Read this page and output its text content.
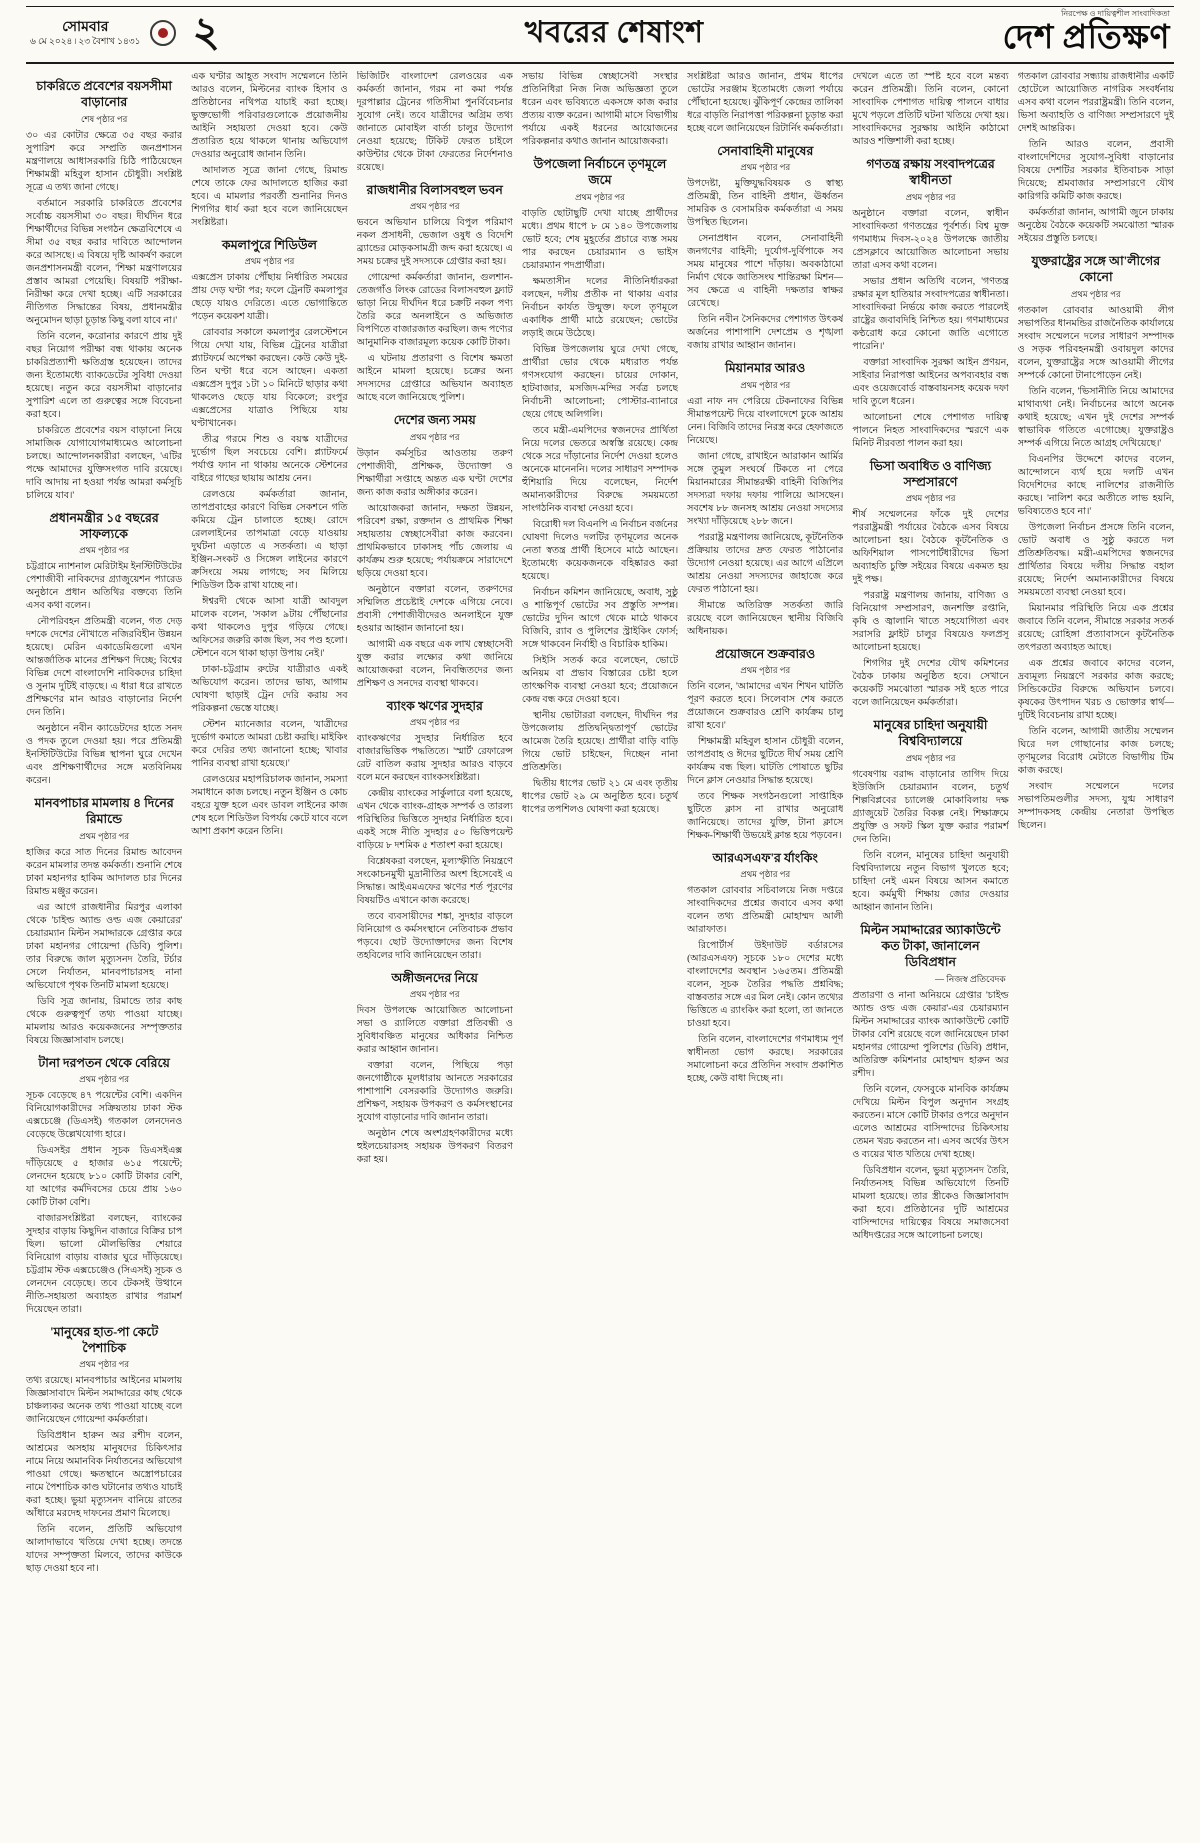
সোমবার
৬ মে ২০২৪ ৷ ২৩ বৈশাখ ১৪৩১ ২	খবরের শেষাংশ
নিরপেক্ষ ও দায়িত্বশীল সাংবাদিকতা
দেশ প্রতিক্ষণ
চাকরিতে প্রবেশের বয়সসীমা বাড়ানোর
শেষ পৃষ্ঠার পর

৩০ এর কোটার ক্ষেত্রে ৩৫ বছর করার সুপারিশ করে সম্প্রতি জনপ্রশাসন মন্ত্রণালয়ে আধাসরকারি চিঠি পাঠিয়েছেন শিক্ষামন্ত্রী মহিবুল হাসান চৌধুরী। সংশ্লিষ্ট সূত্রে এ তথ্য জানা গেছে।

বর্তমানে সরকারি চাকরিতে প্রবেশের সর্বোচ্চ বয়সসীমা ৩০ বছর। দীর্ঘদিন ধরে শিক্ষার্থীদের বিভিন্ন সংগঠন ক্ষেত্রবিশেষে এ সীমা ৩৫ বছর করার দাবিতে আন্দোলন করে আসছে। এ বিষয়ে দৃষ্টি আকর্ষণ করলে জনপ্রশাসনমন্ত্রী বলেন, 'শিক্ষা মন্ত্রণালয়ের প্রস্তাব আমরা পেয়েছি। বিষয়টি পরীক্ষা-নিরীক্ষা করে দেখা হচ্ছে। এটি সরকারের নীতিগত সিদ্ধান্তের বিষয়, প্রধানমন্ত্রীর অনুমোদন ছাড়া চূড়ান্ত কিছু বলা যাবে না।'

তিনি বলেন, করোনার কারণে প্রায় দুই বছর নিয়োগ পরীক্ষা বন্ধ থাকায় অনেক চাকরিপ্রত্যাশী ক্ষতিগ্রস্ত হয়েছেন। তাদের জন্য ইতোমধ্যে ব্যাকডেটের সুবিধা দেওয়া হয়েছে। নতুন করে বয়সসীমা বাড়ানোর সুপারিশ এলে তা গুরুত্বের সঙ্গে বিবেচনা করা হবে।

চাকরিতে প্রবেশের বয়স বাড়ানো নিয়ে সামাজিক যোগাযোগমাধ্যমেও আলোচনা চলছে। আন্দোলনকারীরা বলছেন, 'এটির পক্ষে আমাদের যুক্তিসংগত দাবি রয়েছে। দাবি আদায় না হওয়া পর্যন্ত আমরা কর্মসূচি চালিয়ে যাব।'

প্রধানমন্ত্রীর ১৫ বছরের সাফল্যকে
প্রথম পৃষ্ঠার পর

চট্টগ্রামে ন্যাশনাল মেরিটাইম ইনস্টিটিউটের পেশাজীবী নাবিকদের গ্র্যাজুয়েশন প্যারেড অনুষ্ঠানে প্রধান অতিথির বক্তব্যে তিনি এসব কথা বলেন।

নৌপরিবহন প্রতিমন্ত্রী বলেন, গত দেড় দশকে দেশের নৌখাতে নজিরবিহীন উন্নয়ন হয়েছে। মেরিন একাডেমিগুলো এখন আন্তর্জাতিক মানের প্রশিক্ষণ দিচ্ছে; বিশ্বের বিভিন্ন দেশে বাংলাদেশি নাবিকদের চাহিদা ও সুনাম দুটিই বাড়ছে। এ ধারা ধরে রাখতে প্রশিক্ষণের মান আরও বাড়ানোর নির্দেশ দেন তিনি।

অনুষ্ঠানে নবীন ক্যাডেটদের হাতে সনদ ও পদক তুলে দেওয়া হয়। পরে প্রতিমন্ত্রী ইনস্টিটিউটের বিভিন্ন স্থাপনা ঘুরে দেখেন এবং প্রশিক্ষণার্থীদের সঙ্গে মতবিনিময় করেন।

মানবপাচার মামলায় ৪ দিনের রিমান্ডে
প্রথম পৃষ্ঠার পর

হাজির করে সাত দিনের রিমান্ড আবেদন করেন মামলার তদন্ত কর্মকর্তা। শুনানি শেষে ঢাকা মহানগর হাকিম আদালত চার দিনের রিমান্ড মঞ্জুর করেন।

এর আগে রাজধানীর মিরপুর এলাকা থেকে 'চাইল্ড অ্যান্ড ওল্ড এজ কেয়ারের' চেয়ারম্যান মিল্টন সমাদ্দারকে গ্রেপ্তার করে ঢাকা মহানগর গোয়েন্দা (ডিবি) পুলিশ। তার বিরুদ্ধে জাল মৃত্যুসনদ তৈরি, টর্চার সেলে নির্যাতন, মানবপাচারসহ নানা অভিযোগে পৃথক তিনটি মামলা হয়েছে।

ডিবি সূত্র জানায়, রিমান্ডে তার কাছ থেকে গুরুত্বপূর্ণ তথ্য পাওয়া যাচ্ছে। মামলায় আরও কয়েকজনের সম্পৃক্ততার বিষয়ে জিজ্ঞাসাবাদ চলছে।

টানা দরপতন থেকে বেরিয়ে
প্রথম পৃষ্ঠার পর

সূচক বেড়েছে ৪৭ পয়েন্টের বেশি। একদিন বিনিয়োগকারীদের সক্রিয়তায় ঢাকা স্টক এক্সচেঞ্জে (ডিএসই) গতকাল লেনদেনও বেড়েছে উল্লেখযোগ্য হারে।

ডিএসইর প্রধান সূচক ডিএসইএক্স দাঁড়িয়েছে ৫ হাজার ৬১৫ পয়েন্টে; লেনদেন হয়েছে ৮১০ কোটি টাকার বেশি, যা আগের কর্মদিবসের চেয়ে প্রায় ১৬০ কোটি টাকা বেশি।

বাজারসংশ্লিষ্টরা বলছেন, ব্যাংকের সুদহার বাড়ায় কিছুদিন বাজারে বিক্রির চাপ ছিল। ভালো মৌলভিত্তির শেয়ারে বিনিয়োগ বাড়ায় বাজার ঘুরে দাঁড়িয়েছে। চট্টগ্রাম স্টক এক্সচেঞ্জেও (সিএসই) সূচক ও লেনদেন বেড়েছে। তবে টেকসই উত্থানে নীতি-সহায়তা অব্যাহত রাখার পরামর্শ দিয়েছেন তারা।

'মানুষের হাত-পা কেটে পৈশাচিক
প্রথম পৃষ্ঠার পর

তথ্য রয়েছে। মানবপাচার আইনের মামলায় জিজ্ঞাসাবাদে মিল্টন সমাদ্দারের কাছ থেকে চাঞ্চল্যকর অনেক তথ্য পাওয়া যাচ্ছে বলে জানিয়েছেন গোয়েন্দা কর্মকর্তারা।

ডিবিপ্রধান হারুন অর রশীদ বলেন, আশ্রমের অসহায় মানুষদের চিকিৎসার নামে নিয়ে অমানবিক নির্যাতনের অভিযোগ পাওয়া গেছে। ক্ষতস্থানে অস্ত্রোপচারের নামে পৈশাচিক কাণ্ড ঘটানোর তথ্যও যাচাই করা হচ্ছে। ভুয়া মৃত্যুসনদ বানিয়ে রাতের আঁধারে মরদেহ দাফনের প্রমাণ মিলেছে।

তিনি বলেন, প্রতিটি অভিযোগ আলাদাভাবে খতিয়ে দেখা হচ্ছে। তদন্তে যাদের সম্পৃক্ততা মিলবে, তাদের কাউকে ছাড় দেওয়া হবে না।

এক ঘণ্টার আহূত সংবাদ সম্মেলনে তিনি আরও বলেন, মিল্টনের ব্যাংক হিসাব ও প্রতিষ্ঠানের নথিপত্র যাচাই করা হচ্ছে। ভুক্তভোগী পরিবারগুলোকে প্রয়োজনীয় আইনি সহায়তা দেওয়া হবে। কেউ প্রতারিত হয়ে থাকলে থানায় অভিযোগ দেওয়ার অনুরোধ জানান তিনি।

আদালত সূত্রে জানা গেছে, রিমান্ড শেষে তাকে ফের আদালতে হাজির করা হবে। এ মামলার পরবর্তী শুনানির দিনও শিগগির ধার্য করা হবে বলে জানিয়েছেন সংশ্লিষ্টরা।

কমলাপুরে শিডিউল
প্রথম পৃষ্ঠার পর

এক্সপ্রেস ঢাকায় পৌঁছায় নির্ধারিত সময়ের প্রায় দেড় ঘণ্টা পর; ফলে ট্রেনটি কমলাপুর ছেড়ে যায়ও দেরিতে। এতে ভোগান্তিতে পড়েন কয়েকশ যাত্রী।

রোববার সকালে কমলাপুর রেলস্টেশনে গিয়ে দেখা যায়, বিভিন্ন ট্রেনের যাত্রীরা প্ল্যাটফর্মে অপেক্ষা করছেন। কেউ কেউ দুই-তিন ঘণ্টা ধরে বসে আছেন। একতা এক্সপ্রেস দুপুর ১টা ১০ মিনিটে ছাড়ার কথা থাকলেও ছেড়ে যায় বিকেলে; রংপুর এক্সপ্রেসের যাত্রাও পিছিয়ে যায় ঘণ্টাখানেক।

তীব্র গরমে শিশু ও বয়স্ক যাত্রীদের দুর্ভোগ ছিল সবচেয়ে বেশি। প্ল্যাটফর্মে পর্যাপ্ত ফ্যান না থাকায় অনেকে স্টেশনের বাইরে গাছের ছায়ায় আশ্রয় নেন।

রেলওয়ে কর্মকর্তারা জানান, তাপপ্রবাহের কারণে বিভিন্ন সেকশনে গতি কমিয়ে ট্রেন চালাতে হচ্ছে। রোদে রেললাইনের তাপমাত্রা বেড়ে যাওয়ায় দুর্ঘটনা এড়াতে এ সতর্কতা। এ ছাড়া ইঞ্জিন-সংকট ও সিঙ্গেল লাইনের কারণে ক্রসিংয়ে সময় লাগছে; সব মিলিয়ে শিডিউল ঠিক রাখা যাচ্ছে না।

ঈশ্বরদী থেকে আসা যাত্রী আবদুল মালেক বলেন, 'সকাল ৯টায় পৌঁছানোর কথা থাকলেও দুপুর গড়িয়ে গেছে। অফিসের জরুরি কাজ ছিল, সব পণ্ড হলো। স্টেশনে বসে থাকা ছাড়া উপায় নেই।'

ঢাকা-চট্টগ্রাম রুটের যাত্রীরাও একই অভিযোগ করেন। তাদের ভাষ্য, আগাম ঘোষণা ছাড়াই ট্রেন দেরি করায় সব পরিকল্পনা ভেস্তে যাচ্ছে।

স্টেশন ম্যানেজার বলেন, 'যাত্রীদের দুর্ভোগ কমাতে আমরা চেষ্টা করছি। মাইকিং করে দেরির তথ্য জানানো হচ্ছে; খাবার পানির ব্যবস্থা রাখা হয়েছে।'

রেলওয়ের মহাপরিচালক জানান, সমস্যা সমাধানে কাজ চলছে। নতুন ইঞ্জিন ও কোচ বহরে যুক্ত হলে এবং ডাবল লাইনের কাজ শেষ হলে শিডিউল বিপর্যয় কেটে যাবে বলে আশা প্রকাশ করেন তিনি।

ভিজিটিং বাংলাদেশ রেলওয়ের এক কর্মকর্তা জানান, গরম না কমা পর্যন্ত দূরপাল্লার ট্রেনের গতিসীমা পুনর্বিবেচনার সুযোগ নেই। তবে যাত্রীদের অগ্রিম তথ্য জানাতে মোবাইল বার্তা চালুর উদ্যোগ নেওয়া হয়েছে; টিকিট ফেরত চাইলে কাউন্টার থেকে টাকা ফেরতের নির্দেশনাও রয়েছে।

রাজধানীর বিলাসবহুল ভবন
প্রথম পৃষ্ঠার পর

ভবনে অভিযান চালিয়ে বিপুল পরিমাণ নকল প্রসাধনী, ভেজাল ওষুধ ও বিদেশি ব্র্যান্ডের মোড়কসামগ্রী জব্দ করা হয়েছে। এ সময় চক্রের দুই সদস্যকে গ্রেপ্তার করা হয়।

গোয়েন্দা কর্মকর্তারা জানান, গুলশান-তেজগাঁও লিংক রোডের বিলাসবহুল ফ্ল্যাট ভাড়া নিয়ে দীর্ঘদিন ধরে চক্রটি নকল পণ্য তৈরি করে অনলাইনে ও অভিজাত বিপণিতে বাজারজাত করছিল। জব্দ পণ্যের আনুমানিক বাজারমূল্য কয়েক কোটি টাকা।

এ ঘটনায় প্রতারণা ও বিশেষ ক্ষমতা আইনে মামলা হয়েছে। চক্রের অন্য সদস্যদের গ্রেপ্তারে অভিযান অব্যাহত আছে বলে জানিয়েছে পুলিশ।

দেশের জন্য সময়
প্রথম পৃষ্ঠার পর

উড়ান কর্মসূচির আওতায় তরুণ পেশাজীবী, প্রশিক্ষক, উদ্যোক্তা ও শিক্ষার্থীরা সপ্তাহে অন্তত এক ঘণ্টা দেশের জন্য কাজ করার অঙ্গীকার করেন।

আয়োজকরা জানান, দক্ষতা উন্নয়ন, পরিবেশ রক্ষা, রক্তদান ও প্রাথমিক শিক্ষা সহায়তায় স্বেচ্ছাসেবীরা কাজ করবেন। প্রাথমিকভাবে ঢাকাসহ পাঁচ জেলায় এ কার্যক্রম শুরু হয়েছে; পর্যায়ক্রমে সারাদেশে ছড়িয়ে দেওয়া হবে।

অনুষ্ঠানে বক্তারা বলেন, তরুণদের সম্মিলিত প্রচেষ্টাই দেশকে এগিয়ে নেবে। প্রবাসী পেশাজীবীদেরও অনলাইনে যুক্ত হওয়ার আহ্বান জানানো হয়।

আগামী এক বছরে এক লাখ স্বেচ্ছাসেবী যুক্ত করার লক্ষ্যের কথা জানিয়ে আয়োজকরা বলেন, নিবন্ধিতদের জন্য প্রশিক্ষণ ও সনদের ব্যবস্থা থাকবে।

ব্যাংক ঋণের সুদহার
প্রথম পৃষ্ঠার পর

ব্যাংকঋণের সুদহার নির্ধারিত হবে বাজারভিত্তিক পদ্ধতিতে। 'স্মার্ট' রেফারেন্স রেট বাতিল করায় সুদহার আরও বাড়বে বলে মনে করছেন ব্যাংকসংশ্লিষ্টরা।

কেন্দ্রীয় ব্যাংকের সার্কুলারে বলা হয়েছে, এখন থেকে ব্যাংক-গ্রাহক সম্পর্ক ও তারল্য পরিস্থিতির ভিত্তিতে সুদহার নির্ধারিত হবে। একই সঙ্গে নীতি সুদহার ৫০ ভিত্তিপয়েন্ট বাড়িয়ে ৮ দশমিক ৫ শতাংশ করা হয়েছে।

বিশ্লেষকরা বলছেন, মূল্যস্ফীতি নিয়ন্ত্রণে সংকোচনমুখী মুদ্রানীতির অংশ হিসেবেই এ সিদ্ধান্ত। আইএমএফের ঋণের শর্ত পূরণের বিষয়টিও এখানে কাজ করেছে।

তবে ব্যবসায়ীদের শঙ্কা, সুদহার বাড়লে বিনিয়োগ ও কর্মসংস্থানে নেতিবাচক প্রভাব পড়বে। ছোট উদ্যোক্তাদের জন্য বিশেষ তহবিলের দাবি জানিয়েছেন তারা।

অঙ্গীজনদের নিয়ে
প্রথম পৃষ্ঠার পর

দিবস উপলক্ষে আয়োজিত আলোচনা সভা ও র‍্যালিতে বক্তারা প্রতিবন্ধী ও সুবিধাবঞ্চিত মানুষের অধিকার নিশ্চিত করার আহ্বান জানান।

বক্তারা বলেন, পিছিয়ে পড়া জনগোষ্ঠীকে মূলধারায় আনতে সরকারের পাশাপাশি বেসরকারি উদ্যোগও জরুরি। প্রশিক্ষণ, সহায়ক উপকরণ ও কর্মসংস্থানের সুযোগ বাড়ানোর দাবি জানান তারা।

অনুষ্ঠান শেষে অংশগ্রহণকারীদের মধ্যে হুইলচেয়ারসহ সহায়ক উপকরণ বিতরণ করা হয়।

সভায় বিভিন্ন স্বেচ্ছাসেবী সংস্থার প্রতিনিধিরা নিজ নিজ অভিজ্ঞতা তুলে ধরেন এবং ভবিষ্যতে একসঙ্গে কাজ করার প্রত্যয় ব্যক্ত করেন। আগামী মাসে বিভাগীয় পর্যায়ে একই ধরনের আয়োজনের পরিকল্পনার কথাও জানান আয়োজকরা।

উপজেলা নির্বাচনে তৃণমূলে জমে
প্রথম পৃষ্ঠার পর

বাড়তি ছোটাছুটি দেখা যাচ্ছে প্রার্থীদের মধ্যে। প্রথম ধাপে ৮ মে ১৪০ উপজেলায় ভোট হবে; শেষ মুহূর্তের প্রচারে ব্যস্ত সময় পার করছেন চেয়ারম্যান ও ভাইস চেয়ারম্যান পদপ্রার্থীরা।

ক্ষমতাসীন দলের নীতিনির্ধারকরা বলছেন, দলীয় প্রতীক না থাকায় এবার নির্বাচন কার্যত উন্মুক্ত। ফলে তৃণমূলে একাধিক প্রার্থী মাঠে রয়েছেন; ভোটের লড়াই জমে উঠেছে।

বিভিন্ন উপজেলায় ঘুরে দেখা গেছে, প্রার্থীরা ভোর থেকে মধ্যরাত পর্যন্ত গণসংযোগ করছেন। চায়ের দোকান, হাটবাজার, মসজিদ-মন্দির সর্বত্র চলছে নির্বাচনী আলোচনা; পোস্টার-ব্যানারে ছেয়ে গেছে অলিগলি।

তবে মন্ত্রী-এমপিদের স্বজনদের প্রার্থিতা নিয়ে দলের ভেতরে অস্বস্তি রয়েছে। কেন্দ্র থেকে সরে দাঁড়ানোর নির্দেশ দেওয়া হলেও অনেকে মানেননি। দলের সাধারণ সম্পাদক হুঁশিয়ারি দিয়ে বলেছেন, নির্দেশ অমান্যকারীদের বিরুদ্ধে সময়মতো সাংগঠনিক ব্যবস্থা নেওয়া হবে।

বিরোধী দল বিএনপি এ নির্বাচন বর্জনের ঘোষণা দিলেও দলটির তৃণমূলের অনেক নেতা স্বতন্ত্র প্রার্থী হিসেবে মাঠে আছেন। ইতোমধ্যে কয়েকজনকে বহিষ্কারও করা হয়েছে।

নির্বাচন কমিশন জানিয়েছে, অবাধ, সুষ্ঠু ও শান্তিপূর্ণ ভোটের সব প্রস্তুতি সম্পন্ন। ভোটের দুদিন আগে থেকে মাঠে থাকবে বিজিবি, র‍্যাব ও পুলিশের স্ট্রাইকিং ফোর্স; সঙ্গে থাকবেন নির্বাহী ও বিচারিক হাকিম।

সিইসি সতর্ক করে বলেছেন, ভোটে অনিয়ম বা প্রভাব বিস্তারের চেষ্টা হলে তাৎক্ষণিক ব্যবস্থা নেওয়া হবে; প্রয়োজনে কেন্দ্র বন্ধ করে দেওয়া হবে।

স্থানীয় ভোটাররা বলছেন, দীর্ঘদিন পর উপজেলায় প্রতিদ্বন্দ্বিতাপূর্ণ ভোটের আমেজ তৈরি হয়েছে। প্রার্থীরা বাড়ি বাড়ি গিয়ে ভোট চাইছেন, দিচ্ছেন নানা প্রতিশ্রুতি।

দ্বিতীয় ধাপের ভোট ২১ মে এবং তৃতীয় ধাপের ভোট ২৯ মে অনুষ্ঠিত হবে। চতুর্থ ধাপের তপশিলও ঘোষণা করা হয়েছে।

সংশ্লিষ্টরা আরও জানান, প্রথম ধাপের ভোটের সরঞ্জাম ইতোমধ্যে জেলা পর্যায়ে পৌঁছানো হয়েছে। ঝুঁকিপূর্ণ কেন্দ্রের তালিকা ধরে বাড়তি নিরাপত্তা পরিকল্পনা চূড়ান্ত করা হচ্ছে বলে জানিয়েছেন রিটার্নিং কর্মকর্তারা।

সেনাবাহিনী মানুষের
প্রথম পৃষ্ঠার পর

উপদেষ্টা, মুক্তিযুদ্ধবিষয়ক ও স্বাস্থ্য প্রতিমন্ত্রী, তিন বাহিনী প্রধান, ঊর্ধ্বতন সামরিক ও বেসামরিক কর্মকর্তারা এ সময় উপস্থিত ছিলেন।

সেনাপ্রধান বলেন, সেনাবাহিনী জনগণের বাহিনী; দুর্যোগ-দুর্বিপাকে সব সময় মানুষের পাশে দাঁড়ায়। অবকাঠামো নির্মাণ থেকে জাতিসংঘ শান্তিরক্ষা মিশন—সব ক্ষেত্রে এ বাহিনী দক্ষতার স্বাক্ষর রেখেছে।

তিনি নবীন সৈনিকদের পেশাগত উৎকর্ষ অর্জনের পাশাপাশি দেশপ্রেম ও শৃঙ্খলা বজায় রাখার আহ্বান জানান।

মিয়ানমার আরও
প্রথম পৃষ্ঠার পর

এরা নাফ নদ পেরিয়ে টেকনাফের বিভিন্ন সীমান্তপয়েন্ট দিয়ে বাংলাদেশে ঢুকে আশ্রয় নেন। বিজিবি তাদের নিরস্ত্র করে হেফাজতে নিয়েছে।

জানা গেছে, রাখাইনে আরাকান আর্মির সঙ্গে তুমুল সংঘর্ষে টিকতে না পেরে মিয়ানমারের সীমান্তরক্ষী বাহিনী বিজিপির সদস্যরা দফায় দফায় পালিয়ে আসছেন। সবশেষ ৮৮ জনসহ আশ্রয় নেওয়া সদস্যের সংখ্যা দাঁড়িয়েছে ২৮৮ জনে।

পররাষ্ট্র মন্ত্রণালয় জানিয়েছে, কূটনৈতিক প্রক্রিয়ায় তাদের দ্রুত ফেরত পাঠানোর উদ্যোগ নেওয়া হয়েছে। এর আগে এপ্রিলে আশ্রয় নেওয়া সদস্যদের জাহাজে করে ফেরত পাঠানো হয়।

সীমান্তে অতিরিক্ত সতর্কতা জারি রয়েছে বলে জানিয়েছেন স্থানীয় বিজিবি অধিনায়ক।

প্রয়োজনে শুক্রবারও
প্রথম পৃষ্ঠার পর

তিনি বলেন, 'আমাদের এখন শিখন ঘাটতি পূরণ করতে হবে। সিলেবাস শেষ করতে প্রয়োজনে শুক্রবারও শ্রেণি কার্যক্রম চালু রাখা হবে।'

শিক্ষামন্ত্রী মহিবুল হাসান চৌধুরী বলেন, তাপপ্রবাহ ও ঈদের ছুটিতে দীর্ঘ সময় শ্রেণি কার্যক্রম বন্ধ ছিল। ঘাটতি পোষাতে ছুটির দিনে ক্লাস নেওয়ার সিদ্ধান্ত হয়েছে।

তবে শিক্ষক সংগঠনগুলো সাপ্তাহিক ছুটিতে ক্লাস না রাখার অনুরোধ জানিয়েছে। তাদের যুক্তি, টানা ক্লাসে শিক্ষক-শিক্ষার্থী উভয়েই ক্লান্ত হয়ে পড়বেন।

আরএসএফ'র র্যাংকিং
প্রথম পৃষ্ঠার পর

গতকাল রোববার সচিবালয়ে নিজ দপ্তরে সাংবাদিকদের প্রশ্নের জবাবে এসব কথা বলেন তথ্য প্রতিমন্ত্রী মোহাম্মদ আলী আরাফাত।

রিপোর্টার্স উইদাউট বর্ডারসের (আরএসএফ) সূচকে ১৮০ দেশের মধ্যে বাংলাদেশের অবস্থান ১৬৫তম। প্রতিমন্ত্রী বলেন, সূচক তৈরির পদ্ধতি প্রশ্নবিদ্ধ; বাস্তবতার সঙ্গে এর মিল নেই। কোন তথ্যের ভিত্তিতে এ র‍্যাংকিং করা হলো, তা জানতে চাওয়া হবে।

তিনি বলেন, বাংলাদেশের গণমাধ্যম পূর্ণ স্বাধীনতা ভোগ করছে। সরকারের সমালোচনা করে প্রতিদিন সংবাদ প্রকাশিত হচ্ছে, কেউ বাধা দিচ্ছে না।

দেখলে এতে তা স্পষ্ট হবে বলে মন্তব্য করেন প্রতিমন্ত্রী। তিনি বলেন, কোনো সাংবাদিক পেশাগত দায়িত্ব পালনে বাধার মুখে পড়লে প্রতিটি ঘটনা খতিয়ে দেখা হয়। সাংবাদিকদের সুরক্ষায় আইনি কাঠামো আরও শক্তিশালী করা হচ্ছে।

গণতন্ত্র রক্ষায় সংবাদপত্রের স্বাধীনতা
প্রথম পৃষ্ঠার পর

অনুষ্ঠানে বক্তারা বলেন, স্বাধীন সাংবাদিকতা গণতন্ত্রের পূর্বশর্ত। বিশ্ব মুক্ত গণমাধ্যম দিবস-২০২৪ উপলক্ষে জাতীয় প্রেসক্লাবে আয়োজিত আলোচনা সভায় তারা এসব কথা বলেন।

সভার প্রধান অতিথি বলেন, 'গণতন্ত্র রক্ষার মূল হাতিয়ার সংবাদপত্রের স্বাধীনতা। সাংবাদিকরা নির্ভয়ে কাজ করতে পারলেই রাষ্ট্রের জবাবদিহি নিশ্চিত হয়। গণমাধ্যমের কণ্ঠরোধ করে কোনো জাতি এগোতে পারেনি।'

বক্তারা সাংবাদিক সুরক্ষা আইন প্রণয়ন, সাইবার নিরাপত্তা আইনের অপব্যবহার বন্ধ এবং ওয়েজবোর্ড বাস্তবায়নসহ কয়েক দফা দাবি তুলে ধরেন।

আলোচনা শেষে পেশাগত দায়িত্ব পালনে নিহত সাংবাদিকদের স্মরণে এক মিনিট নীরবতা পালন করা হয়।

ভিসা অবাধিত ও বাণিজ্য সম্প্রসারণে
প্রথম পৃষ্ঠার পর

শীর্ষ সম্মেলনের ফাঁকে দুই দেশের পররাষ্ট্রমন্ত্রী পর্যায়ের বৈঠকে এসব বিষয়ে আলোচনা হয়। বৈঠকে কূটনৈতিক ও অফিশিয়াল পাসপোর্টধারীদের ভিসা অব্যাহতি চুক্তি সইয়ের বিষয়ে একমত হয় দুই পক্ষ।

পররাষ্ট্র মন্ত্রণালয় জানায়, বাণিজ্য ও বিনিয়োগ সম্প্রসারণ, জনশক্তি রপ্তানি, কৃষি ও জ্বালানি খাতে সহযোগিতা এবং সরাসরি ফ্লাইট চালুর বিষয়েও ফলপ্রসূ আলোচনা হয়েছে।

শিগগির দুই দেশের যৌথ কমিশনের বৈঠক ঢাকায় অনুষ্ঠিত হবে। সেখানে কয়েকটি সমঝোতা স্মারক সই হতে পারে বলে জানিয়েছেন কর্মকর্তারা।

মানুষের চাহিদা অনুযায়ী বিশ্ববিদ্যালয়ে
প্রথম পৃষ্ঠার পর

গবেষণায় বরাদ্দ বাড়ানোর তাগিদ দিয়ে ইউজিসি চেয়ারম্যান বলেন, চতুর্থ শিল্পবিপ্লবের চ্যালেঞ্জ মোকাবিলায় দক্ষ গ্র্যাজুয়েট তৈরির বিকল্প নেই। শিক্ষাক্রমে প্রযুক্তি ও সফট স্কিল যুক্ত করার পরামর্শ দেন তিনি।

তিনি বলেন, মানুষের চাহিদা অনুযায়ী বিশ্ববিদ্যালয়ে নতুন বিভাগ খুলতে হবে; চাহিদা নেই এমন বিষয়ে আসন কমাতে হবে। কর্মমুখী শিক্ষায় জোর দেওয়ার আহ্বান জানান তিনি।

মিল্টন সমাদ্দারের অ্যাকাউন্টে কত টাকা, জানালেন ডিবিপ্রধান
— নিজস্ব প্রতিবেদক

প্রতারণা ও নানা অনিয়মে গ্রেপ্তার 'চাইল্ড অ্যান্ড ওল্ড এজ কেয়ার'-এর চেয়ারম্যান মিল্টন সমাদ্দারের ব্যাংক অ্যাকাউন্টে কোটি টাকার বেশি রয়েছে বলে জানিয়েছেন ঢাকা মহানগর গোয়েন্দা পুলিশের (ডিবি) প্রধান, অতিরিক্ত কমিশনার মোহাম্মদ হারুন অর রশীদ।

তিনি বলেন, ফেসবুকে মানবিক কার্যক্রম দেখিয়ে মিল্টন বিপুল অনুদান সংগ্রহ করতেন। মাসে কোটি টাকার ওপরে অনুদান এলেও আশ্রমের বাসিন্দাদের চিকিৎসায় তেমন খরচ করতেন না। এসব অর্থের উৎস ও ব্যয়ের খাত খতিয়ে দেখা হচ্ছে।

ডিবিপ্রধান বলেন, ভুয়া মৃত্যুসনদ তৈরি, নির্যাতনসহ বিভিন্ন অভিযোগে তিনটি মামলা হয়েছে। তার স্ত্রীকেও জিজ্ঞাসাবাদ করা হবে। প্রতিষ্ঠানের দুটি আশ্রমের বাসিন্দাদের দায়িত্বের বিষয়ে সমাজসেবা অধিদপ্তরের সঙ্গে আলোচনা চলছে।

গতকাল রোববার সন্ধ্যায় রাজধানীর একটি হোটেলে আয়োজিত নাগরিক সংবর্ধনায় এসব কথা বলেন পররাষ্ট্রমন্ত্রী। তিনি বলেন, ভিসা অব্যাহতি ও বাণিজ্য সম্প্রসারণে দুই দেশই আন্তরিক।

তিনি আরও বলেন, প্রবাসী বাংলাদেশিদের সুযোগ-সুবিধা বাড়ানোর বিষয়ে দেশটির সরকার ইতিবাচক সাড়া দিয়েছে; শ্রমবাজার সম্প্রসারণে যৌথ কারিগরি কমিটি কাজ করছে।

কর্মকর্তারা জানান, আগামী জুনে ঢাকায় অনুষ্ঠেয় বৈঠকে কয়েকটি সমঝোতা স্মারক সইয়ের প্রস্তুতি চলছে।

যুক্তরাষ্ট্রের সঙ্গে আ'লীগের কোনো
প্রথম পৃষ্ঠার পর

গতকাল রোববার আওয়ামী লীগ সভাপতির ধানমন্ডির রাজনৈতিক কার্যালয়ে সংবাদ সম্মেলনে দলের সাধারণ সম্পাদক ও সড়ক পরিবহনমন্ত্রী ওবায়দুল কাদের বলেন, যুক্তরাষ্ট্রের সঙ্গে আওয়ামী লীগের সম্পর্কে কোনো টানাপোড়েন নেই।

তিনি বলেন, 'ভিসানীতি নিয়ে আমাদের মাথাব্যথা নেই। নির্বাচনের আগে অনেক কথাই হয়েছে; এখন দুই দেশের সম্পর্ক স্বাভাবিক গতিতে এগোচ্ছে। যুক্তরাষ্ট্রও সম্পর্ক এগিয়ে নিতে আগ্রহ দেখিয়েছে।'

বিএনপির উদ্দেশে কাদের বলেন, আন্দোলনে ব্যর্থ হয়ে দলটি এখন বিদেশিদের কাছে নালিশের রাজনীতি করছে। 'নালিশ করে অতীতে লাভ হয়নি, ভবিষ্যতেও হবে না।'

উপজেলা নির্বাচন প্রসঙ্গে তিনি বলেন, ভোট অবাধ ও সুষ্ঠু করতে দল প্রতিশ্রুতিবদ্ধ। মন্ত্রী-এমপিদের স্বজনদের প্রার্থিতার বিষয়ে দলীয় সিদ্ধান্ত বহাল রয়েছে; নির্দেশ অমান্যকারীদের বিষয়ে সময়মতো ব্যবস্থা নেওয়া হবে।

মিয়ানমার পরিস্থিতি নিয়ে এক প্রশ্নের জবাবে তিনি বলেন, সীমান্তে সরকার সতর্ক রয়েছে; রোহিঙ্গা প্রত্যাবাসনে কূটনৈতিক তৎপরতা অব্যাহত আছে।

এক প্রশ্নের জবাবে কাদের বলেন, দ্রব্যমূল্য নিয়ন্ত্রণে সরকার কাজ করছে; সিন্ডিকেটের বিরুদ্ধে অভিযান চলবে। কৃষকের উৎপাদন খরচ ও ভোক্তার স্বার্থ—দুটিই বিবেচনায় রাখা হচ্ছে।

তিনি বলেন, আগামী জাতীয় সম্মেলন ঘিরে দল গোছানোর কাজ চলছে; তৃণমূলের বিরোধ মেটাতে বিভাগীয় টিম কাজ করছে।

সংবাদ সম্মেলনে দলের সভাপতিমণ্ডলীর সদস্য, যুগ্ম সাধারণ সম্পাদকসহ কেন্দ্রীয় নেতারা উপস্থিত ছিলেন।
